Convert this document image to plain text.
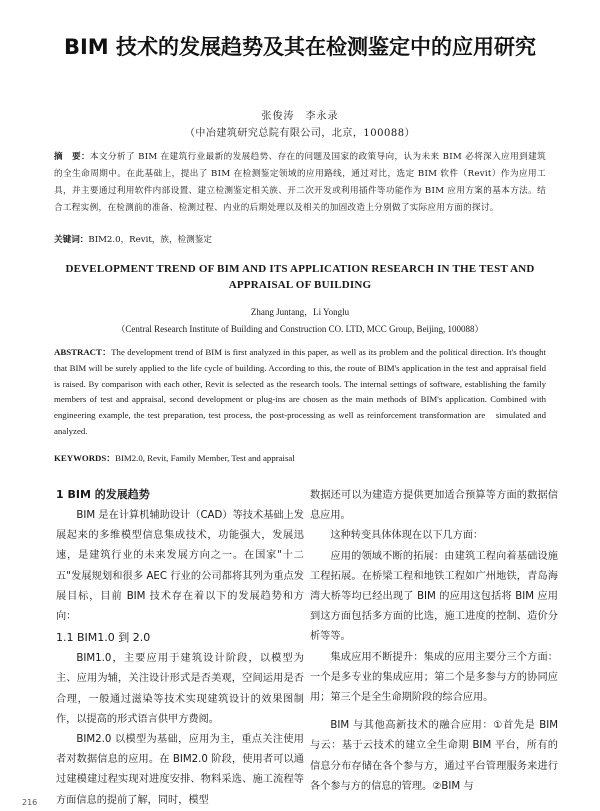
BIM 技术的发展趋势及其在检测鉴定中的应用研究
张俊涛　李永录
（中冶建筑研究总院有限公司，北京，100088）
摘　要：本文分析了 BIM 在建筑行业最新的发展趋势、存在的问题及国家的政策导向，认为未来 BIM 必将深入应用到建筑的全生命周期中。在此基础上，提出了 BIM 在检测鉴定领域的应用路线，通过对比，选定 BIM 软件（Revit）作为应用工具，并主要通过利用软件内部设置、建立检测鉴定相关族、开二次开发或利用插件等功能作为 BIM 应用方案的基本方法。结合工程实例，在检测前的准备、检测过程、内业的后期处理以及相关的加固改造上分别做了实际应用方面的探讨。
关键词：BIM2.0，Revit，族，检测鉴定
DEVELOPMENT TREND OF BIM AND ITS APPLICATION RESEARCH IN THE TEST AND APPRAISAL OF BUILDING
Zhang Juntang，Li Yonglu
（Central Research Institute of Building and Construction CO. LTD, MCC Group, Beijing, 100088）
ABSTRACT：The development trend of BIM is first analyzed in this paper, as well as its problem and the political direction. It's thought that BIM will be surely applied to the life cycle of building. According to this, the route of BIM's application in the test and appraisal field is raised. By comparison with each other, Revit is selected as the research tools. The internal settings of software, establishing the family members of test and appraisal, second development or plug-ins are chosen as the main methods of BIM's application. Combined with engineering example, the test preparation, test process, the post-processing as well as reinforcement transformation are　simulated and　analyzed.
KEYWORDS：BIM2.0, Revit, Family Member, Test and appraisal
1 BIM 的发展趋势

BIM 是在计算机辅助设计（CAD）等技术基础上发展起来的多维模型信息集成技术，功能强大，发展迅速，是建筑行业的未来发展方向之一。在国家"十二五"发展规划和很多 AEC 行业的公司都将其列为重点发展目标，目前 BIM 技术存在着以下的发展趋势和方向：

1.1 BIM1.0 到 2.0

BIM1.0，主要应用于建筑设计阶段，以模型为主、应用为辅，关注设计形式是否美观，空间运用是否合理，一般通过滋染等技术实现建筑设计的效果图制作，以提高的形式语言供甲方费阅。

BIM2.0 以模型为基础，应用为主，重点关注使用者对数据信息的应用。在 BIM2.0 阶段，使用者可以通过建模建过程实现对进度安排、物料采选、施工流程等方面信息的提前了解，同时，模型

数据还可以为建造方提供更加适合预算等方面的数据信息应用。

这种转变具体体现在以下几方面：

应用的领域不断的拓展：由建筑工程向着基础设施工程拓展。在桥梁工程和地铁工程如广州地铁，青岛海湾大桥等均已经出现了 BIM 的应用这包括将 BIM 应用到这方面包括多方面的比选，施工进度的控制、造价分析等等。

集成应用不断提升：集成的应用主要分三个方面：一个是多专业的集成应用；第二个是多参与方的协同应用；第三个是全生命期阶段的综合应用。

BIM 与其他高新技术的融合应用：①首先是 BIM 与云：基于云技术的建立全生命期 BIM 平台，所有的信息分布存储在各个参与方，通过平台管理服务来进行各个参与方的信息的管理。②BIM 与

216
